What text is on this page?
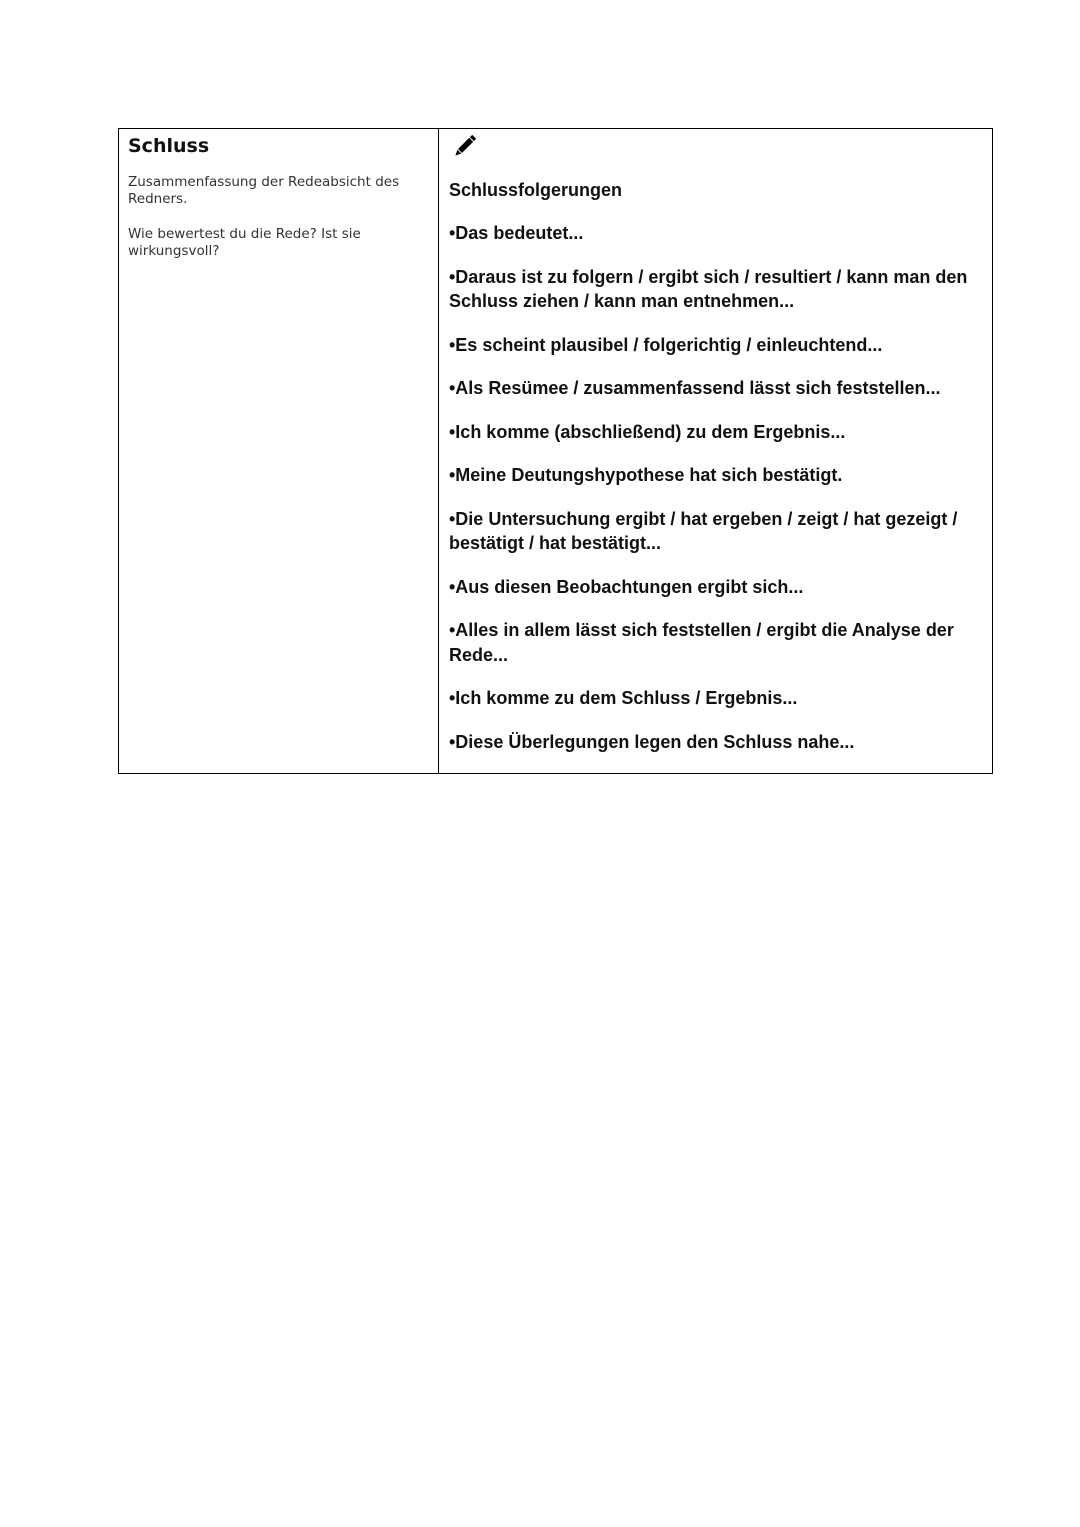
Schluss

Zusammenfassung der Redeabsicht des Redners.

Wie bewertest du die Rede? Ist sie wirkungsvoll?

Schlussfolgerungen
•Das bedeutet...
•Daraus ist zu folgern / ergibt sich / resultiert / kann man den Schluss ziehen / kann man entnehmen...
•Es scheint plausibel / folgerichtig / einleuchtend...
•Als Resümee / zusammenfassend lässt sich feststellen...
•Ich komme (abschließend) zu dem Ergebnis...
•Meine Deutungshypothese hat sich bestätigt.
•Die Untersuchung ergibt / hat ergeben / zeigt / hat gezeigt / bestätigt / hat bestätigt...
•Aus diesen Beobachtungen ergibt sich...
•Alles in allem lässt sich feststellen / ergibt die Analyse der Rede...
•Ich komme zu dem Schluss / Ergebnis...
•Diese Überlegungen legen den Schluss nahe...
